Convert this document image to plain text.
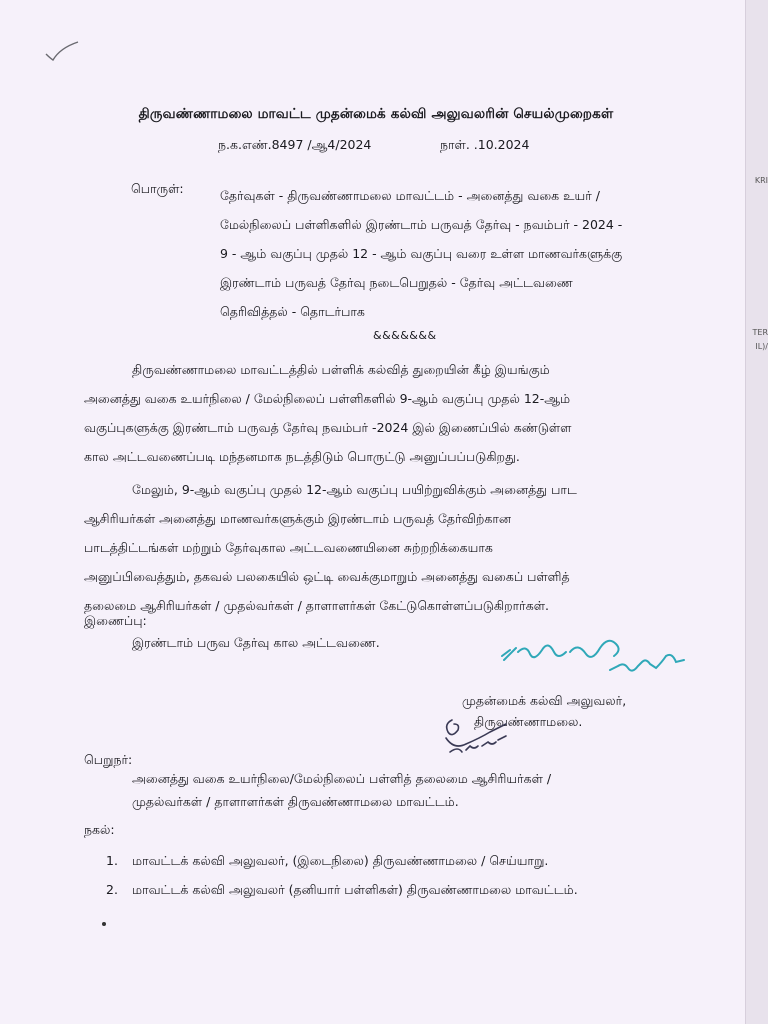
திருவண்ணாமலை மாவட்ட முதன்மைக் கல்வி அலுவலரின் செயல்முறைகள்
ந.க.எண்.8497 /ஆ4/2024	நாள். .10.2024
பொருள்:	தேர்வுகள் - திருவண்ணாமலை மாவட்டம் - அனைத்து வகை உயர் /
மேல்நிலைப் பள்ளிகளில் இரண்டாம் பருவத் தேர்வு - நவம்பர் - 2024 -
9 - ஆம் வகுப்பு முதல் 12 - ஆம் வகுப்பு வரை உள்ள மாணவர்களுக்கு
இரண்டாம் பருவத் தேர்வு நடைபெறுதல் - தேர்வு அட்டவணை
தெரிவித்தல் - தொடர்பாக
&&&&&&&
திருவண்ணாமலை மாவட்டத்தில் பள்ளிக் கல்வித் துறையின் கீழ் இயங்கும்
அனைத்து வகை உயர்நிலை / மேல்நிலைப் பள்ளிகளில் 9-ஆம் வகுப்பு முதல் 12-ஆம்
வகுப்புகளுக்கு இரண்டாம் பருவத் தேர்வு நவம்பர் -2024 இல் இணைப்பில் கண்டுள்ள
கால அட்டவணைப்படி மந்தனமாக நடத்திடும் பொருட்டு அனுப்பப்படுகிறது.
மேலும், 9-ஆம் வகுப்பு முதல் 12-ஆம் வகுப்பு பயிற்றுவிக்கும் அனைத்து பாட
ஆசிரியர்கள் அனைத்து மாணவர்களுக்கும் இரண்டாம் பருவத் தேர்விற்கான
பாடத்திட்டங்கள் மற்றும் தேர்வுகால அட்டவணையினை சுற்றறிக்கையாக
அனுப்பிவைத்தும், தகவல் பலகையில் ஒட்டி வைக்குமாறும் அனைத்து வகைப் பள்ளித்
தலைமை ஆசிரியர்கள் / முதல்வர்கள் / தாளாளர்கள் கேட்டுகொள்ளப்படுகிறார்கள்.
இணைப்பு:
இரண்டாம் பருவ தேர்வு கால அட்டவணை.
முதன்மைக் கல்வி அலுவலர்,
திருவண்ணாமலை.
பெறுநர்:
அனைத்து வகை உயர்நிலை/மேல்நிலைப் பள்ளித் தலைமை ஆசிரியர்கள் /
முதல்வர்கள் / தாளாளர்கள் திருவண்ணாமலை மாவட்டம்.
நகல்:
1. மாவட்டக் கல்வி அலுவலர், (இடைநிலை) திருவண்ணாமலை / செய்யாறு.
2. மாவட்டக் கல்வி அலுவலர் (தனியார் பள்ளிகள்) திருவண்ணாமலை மாவட்டம்.
KRI
TER
IL)/
